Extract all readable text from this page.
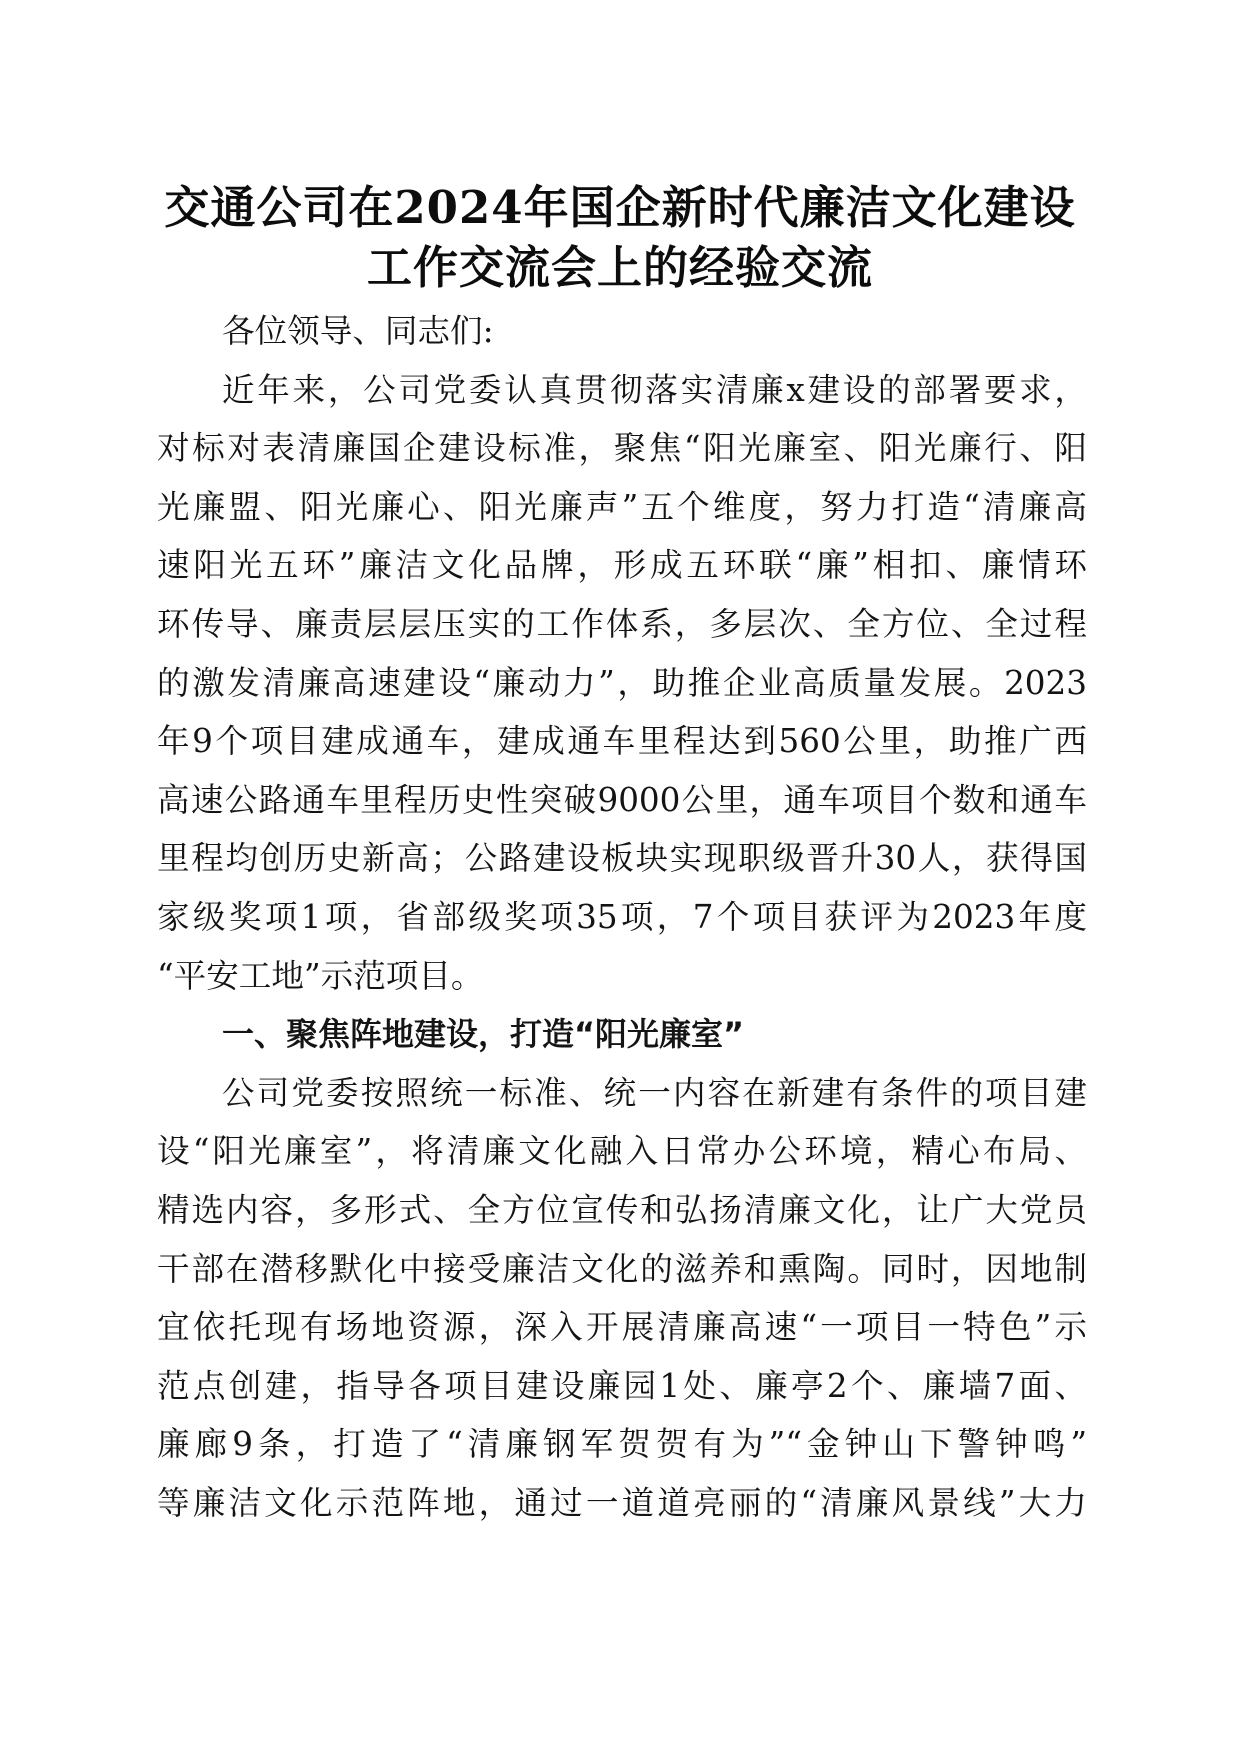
交通公司在2024年国企新时代廉洁文化建设
工作交流会上的经验交流
各位领导、同志们:
近年来，公司党委认真贯彻落实清廉x建设的部署要求，
对标对表清廉国企建设标准，聚焦“阳光廉室、阳光廉行、阳
光廉盟、阳光廉心、阳光廉声”五个维度，努力打造“清廉高
速阳光五环”廉洁文化品牌，形成五环联“廉”相扣、廉情环
环传导、廉责层层压实的工作体系，多层次、全方位、全过程
的激发清廉高速建设“廉动力”，助推企业高质量发展。2023
年9个项目建成通车，建成通车里程达到560公里，助推广西
高速公路通车里程历史性突破9000公里，通车项目个数和通车
里程均创历史新高；公路建设板块实现职级晋升30人，获得国
家级奖项1项，省部级奖项35项，7个项目获评为2023年度
“平安工地”示范项目。
一、聚焦阵地建设，打造“阳光廉室”
公司党委按照统一标准、统一内容在新建有条件的项目建
设“阳光廉室”，将清廉文化融入日常办公环境，精心布局、
精选内容，多形式、全方位宣传和弘扬清廉文化，让广大党员
干部在潜移默化中接受廉洁文化的滋养和熏陶。同时，因地制
宜依托现有场地资源，深入开展清廉高速“一项目一特色”示
范点创建，指导各项目建设廉园1处、廉亭2个、廉墙7面、
廉廊9条，打造了“清廉钢军贺贺有为”“金钟山下警钟鸣”
等廉洁文化示范阵地，通过一道道亮丽的“清廉风景线”大力
